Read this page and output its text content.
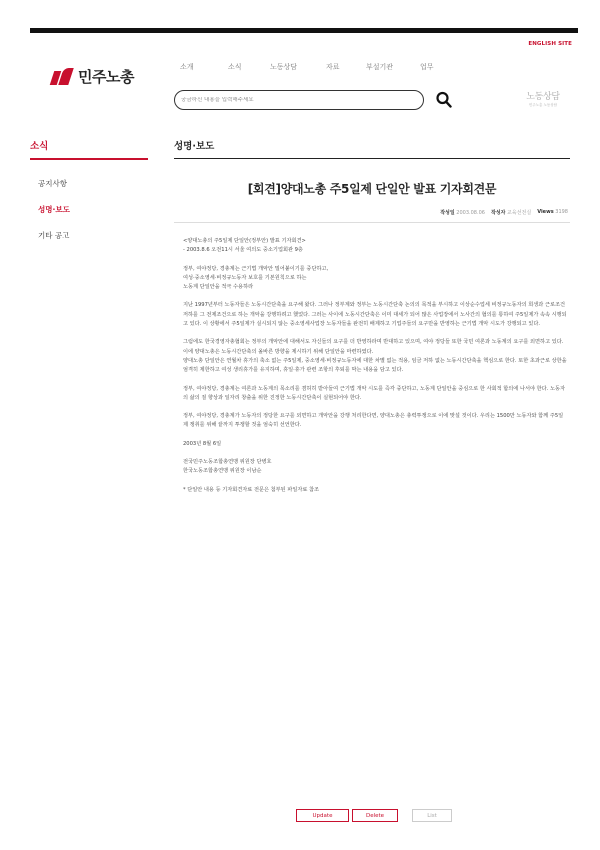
ENGLISH SITE
민주노총
소개	소식	노동상담	자료	부설기관	업무
궁금하신 내용을 입력해주세요
노동상담
민주노총 노동상담
소식
공지사항
성명·보도
기타 공고
성명·보도
[회견]양대노총 주5일제 단일안 발표 기자회견문
작성일 2003.08.06 작성자 교육선전실 Views 3198

<양대노총의 주5일제 단일안(정부안) 발표 기자회견>

- 2003.8.6 오전11시 서울 여의도 중소기업회관 9층

정부, 여야정당, 경총계는 근기법 개악안 밀어붙이기를 중단하고,

여성·중소영세·비정규노동자 보호를 기본원칙으로 하는

노동계 단일안을 적극 수용하라

지난 1997년부터 노동자들은 노동시간단축을 요구해 왔다. 그러나 정부계와 정부는 노동시간단축 논의의 목적을 부시하고 이상순수업세 비정규노동자의 희생과 근로조건저하를 그 전제조건으로 하는 개악을 강행하려고 했었다. 그러는 사이에 노동시간단축은 이미 대세가 되어 많은 사업장에서 노사간의 협의를 통하여 주5일제가 속속 시행되고 있다. 이 상황에서 주5일제가 실시되지 않는 중소영세사업장 노동자들을 완전히 배제하고 기업주들의 요구만을 반영하는 근기법 개악 시도가 강행되고 있다.

그럼에도 한국경영자총협회는 정부의 개악안에 대해서도 자신들의 요구를 더 반영하라며 반대하고 있으며, 여야 정당들 또한 국민 여론과 노동계의 요구를 외면하고 있다. 이에 양대노총은 노동시간단축의 올바른 방향을 제시하기 위해 단일안을 마련하였다.

양대노총 단일안은 연월차 휴가의 축소 없는 주5일제, 중소영세·비정규노동자에 대한 차별 없는 적용, 임금 저하 없는 노동시간단축을 핵심으로 한다. 또한 초과근로 상한을 엄격히 제한하고 여성 생리휴가를 유지하며, 휴일·휴가 관련 조항의 후퇴를 막는 내용을 담고 있다.

정부, 여야정당, 경총계는 여론과 노동계의 목소리를 겸허히 받아들여 근기법 개악 시도를 즉각 중단하고, 노동계 단일안을 중심으로 한 사회적 합의에 나서야 한다. 노동자의 삶의 질 향상과 일자리 창출을 위한 진정한 노동시간단축이 실현되어야 한다.

정부, 여야정당, 경총계가 노동자의 정당한 요구를 외면하고 개악안을 강행 처리한다면, 양대노총은 총력투쟁으로 이에 맞설 것이다. 우리는 1500만 노동자와 함께 주5일제 쟁취를 위해 끝까지 투쟁할 것을 엄숙히 선언한다.

2003년 8월 6일

전국민주노동조합총연맹 위원장 단병호

한국노동조합총연맹 위원장 이남순

* 단일안 내용 등 기자회견자료 전문은 첨부된 파일자료 참조

Update	Delete	List
